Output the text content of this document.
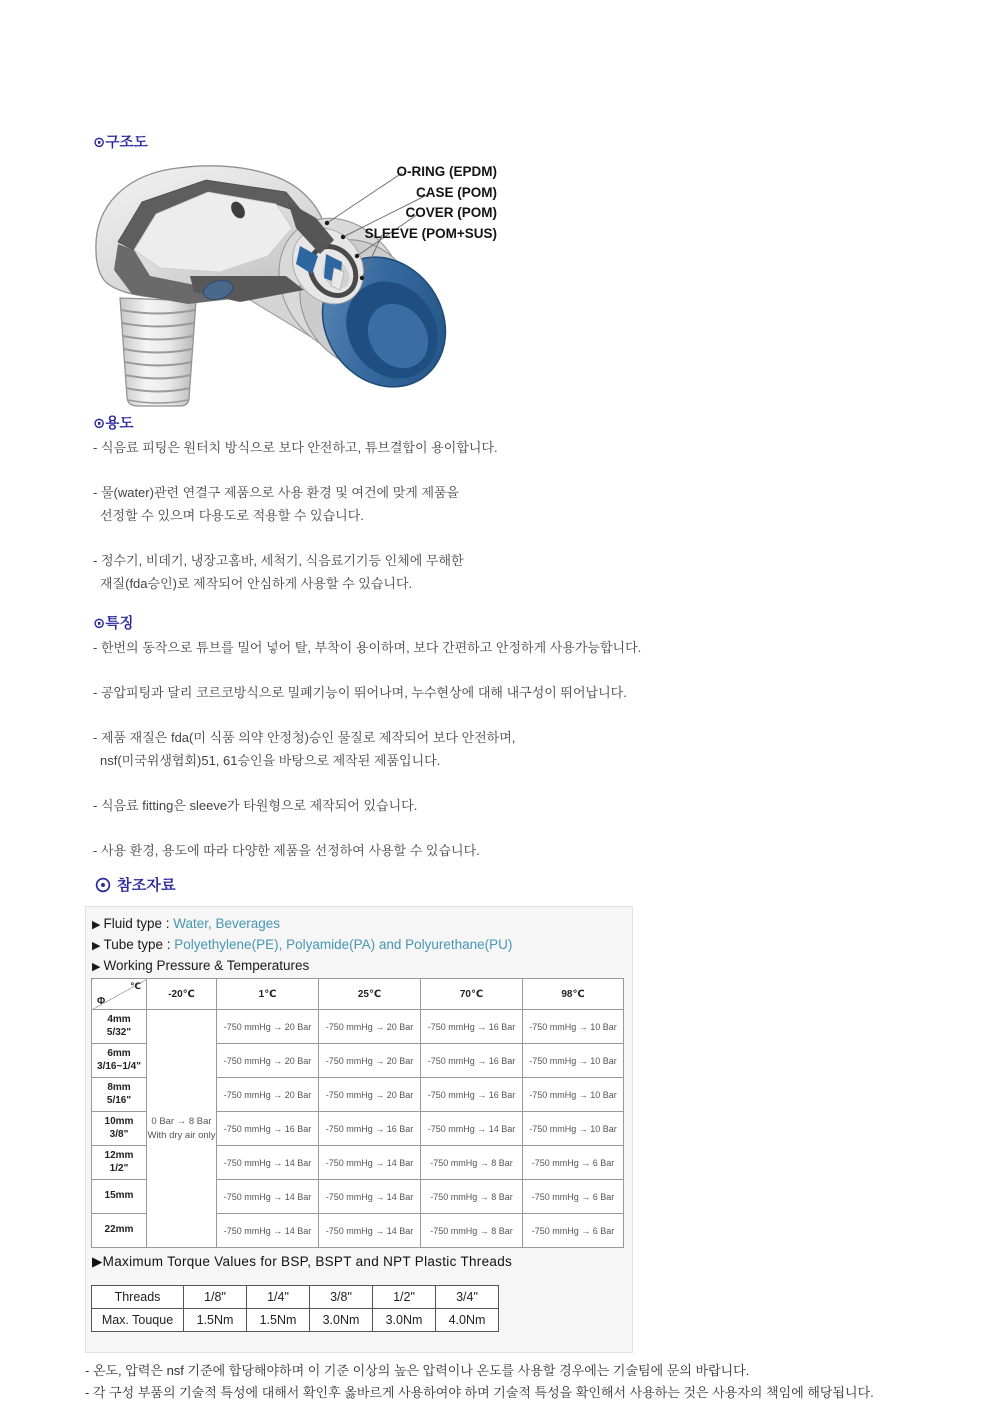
⊙구조도
O-RING (EPDM)
CASE (POM)
COVER (POM)
SLEEVE (POM+SUS)
⊙용도
- 식음료 피팅은 원터치 방식으로 보다 안전하고, 튜브결합이 용이합니다.
- 물(water)관련 연결구 제품으로 사용 환경 및 여건에 맞게 제품을
선정할 수 있으며 다용도로 적용할 수 있습니다.
- 정수기, 비데기, 냉장고홈바, 세척기, 식음료기기등 인체에 무해한
재질(fda승인)로 제작되어 안심하게 사용할 수 있습니다.
⊙특징
- 한번의 동작으로 튜브를 밀어 넣어 탈, 부착이 용이하며, 보다 간편하고 안정하게 사용가능합니다.
- 공압피팅과 달리 코르코방식으로 밀폐기능이 뛰어나며, 누수현상에 대해 내구성이 뛰어납니다.
- 제품 재질은 fda(미 식품 의약 안정청)승인 물질로 제작되어 보다 안전하며,
nsf(미국위생협회)51, 61승인을 바탕으로 제작된 제품입니다.
- 식음료 fitting은 sleeve가 타원형으로 제작되어 있습니다.
- 사용 환경, 용도에 따라 다양한 제품을 선정하여 사용할 수 있습니다.
참조자료
▶ Fluid type : Water, Beverages
▶ Tube type : Polyethylene(PE), Polyamide(PA) and Polyurethane(PU)
▶ Working Pressure & Temperatures
℃
Φ	-20℃	1℃	25℃	70℃	98℃

4mm
5/32"

0 Bar → 8 Bar
With dry air only
	-750 mmHg → 20 Bar	-750 mmHg → 20 Bar	-750 mmHg → 16 Bar	-750 mmHg → 10 Bar

6mm
3/16~1/4"		-750 mmHg → 20 Bar	-750 mmHg → 20 Bar	-750 mmHg → 16 Bar	-750 mmHg → 10 Bar

8mm
5/16"		-750 mmHg → 20 Bar	-750 mmHg → 20 Bar	-750 mmHg → 16 Bar	-750 mmHg → 10 Bar

10mm
3/8"		-750 mmHg → 16 Bar	-750 mmHg → 16 Bar	-750 mmHg → 14 Bar	-750 mmHg → 10 Bar

12mm
1/2"		-750 mmHg → 14 Bar	-750 mmHg → 14 Bar	-750 mmHg → 8 Bar	-750 mmHg → 6 Bar

15mm		-750 mmHg → 14 Bar	-750 mmHg → 14 Bar	-750 mmHg → 8 Bar	-750 mmHg → 6 Bar

22mm		-750 mmHg → 14 Bar	-750 mmHg → 14 Bar	-750 mmHg → 8 Bar	-750 mmHg → 6 Bar
▶Maximum Torque Values for BSP, BSPT and NPT Plastic Threads
Threads	1/8"	1/4"	3/8"	1/2"	3/4"
Max. Touque	1.5Nm	1.5Nm	3.0Nm	3.0Nm	4.0Nm
- 온도, 압력은 nsf 기준에 합당해야하며 이 기준 이상의 높은 압력이나 온도를 사용할 경우에는 기술팀에 문의 바랍니다.
- 각 구성 부품의 기술적 특성에 대해서 확인후 옳바르게 사용하여야 하며 기술적 특성을 확인해서 사용하는 것은 사용자의 책임에 해당됩니다.
